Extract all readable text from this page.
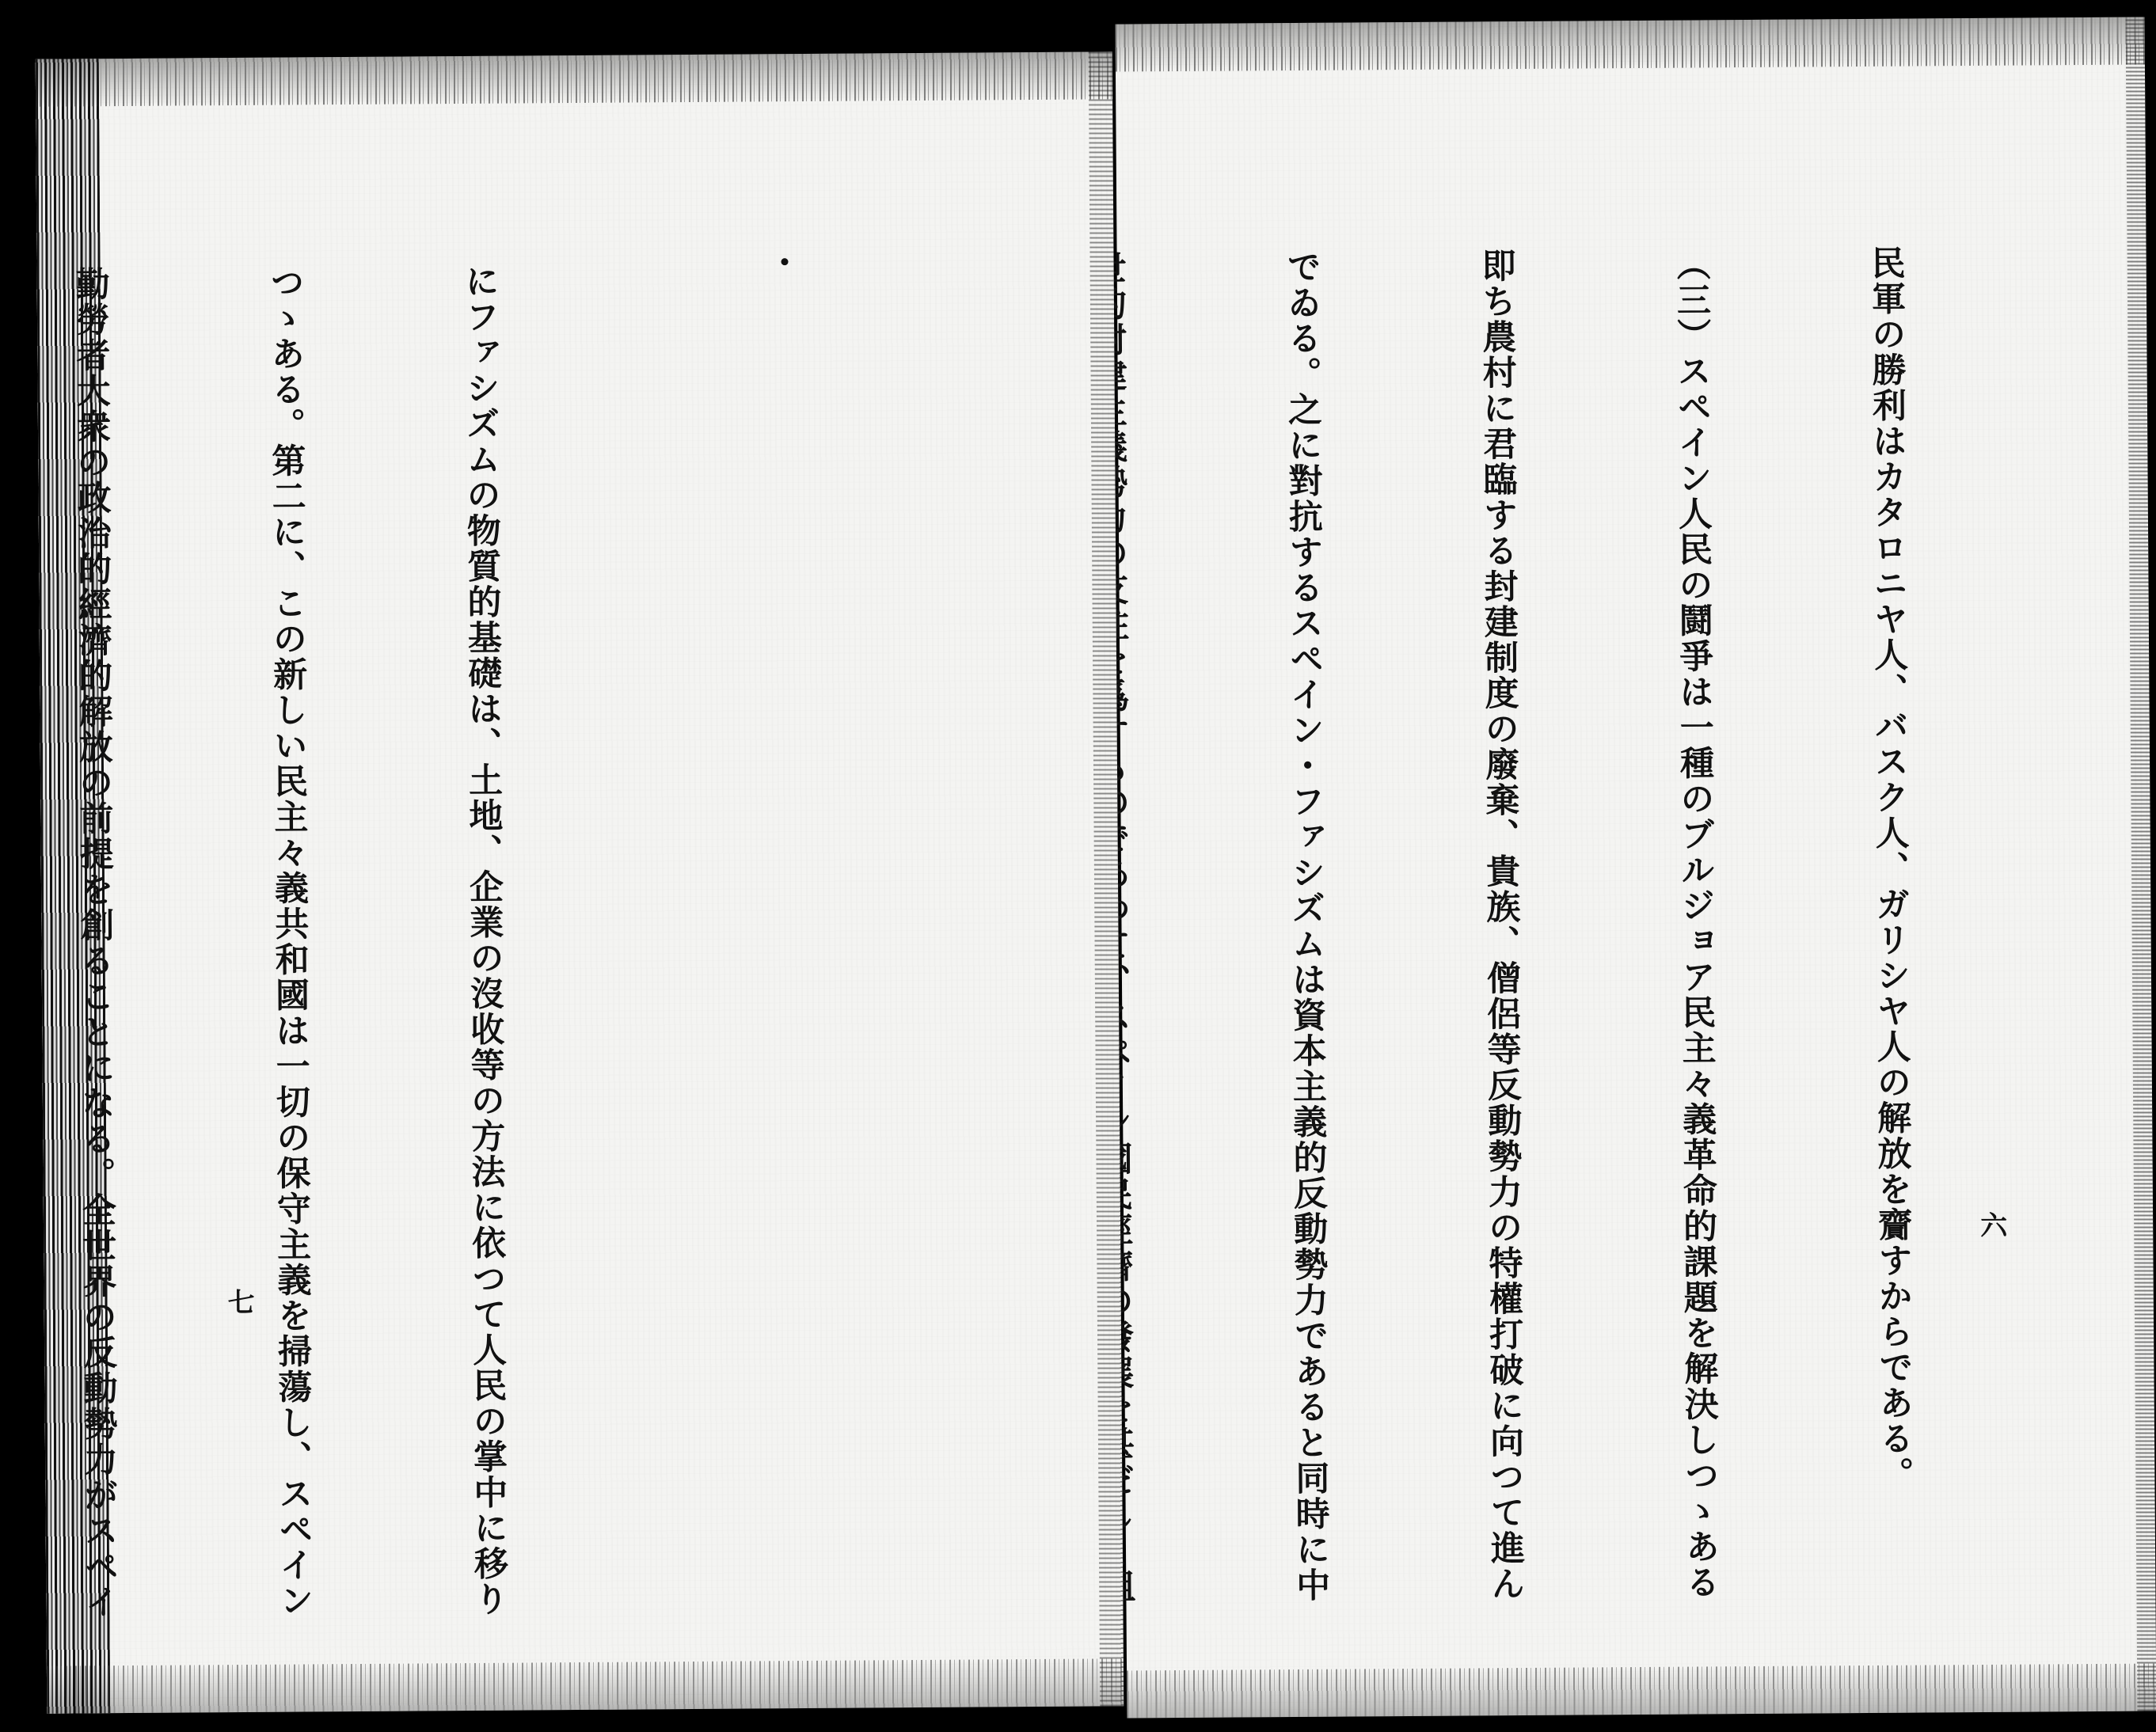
六

民軍の勝利はカタロニヤ人、バスク人、ガリシヤ人の解放を齎すからである。

（三）スペイン人民の鬪爭は一種のブルジョア民主々義革命的課題を解決しつゝある

即ち農村に君臨する封建制度の廢棄、貴族、僧侶等反動勢力の特權打破に向つて進ん

でゐる。之に對抗するスペイン・ファシズムは資本主義的反動勢力であると同時に中

七

	にファシズムの物質的基礎は、土地、企業の沒收等の方法に依つて人民の掌中に移り

つゝある。第二に、この新しい民主々義共和國は一切の保守主義を掃蕩し、スペイン

勤勞者大衆の政治的經濟的解放の前提を創ることになる。全世界の反動勢力がスペイ
